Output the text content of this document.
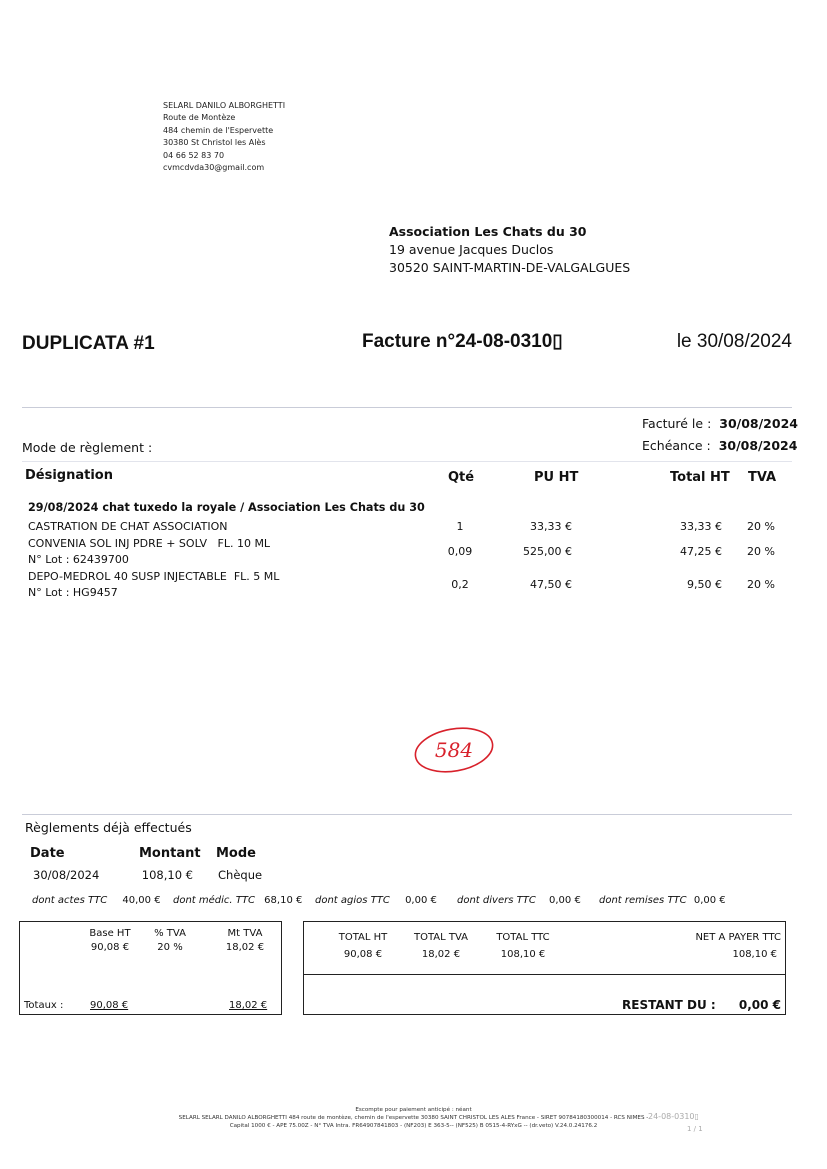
SELARL DANILO ALBORGHETTI
Route de Montèze
484 chemin de l'Espervette
30380 St Christol les Alès
04 66 52 83 70
cvmcdvda30@gmail.com
Association Les Chats du 30
19 avenue Jacques Duclos
30520 SAINT-MARTIN-DE-VALGALGUES
DUPLICATA #1	Facture n°24-08-0310▯	le 30/08/2024
Facturé le : 30/08/2024
Echéance : 30/08/2024
Mode de règlement :
Désignation	Qté	PU HT	Total HT TVA
29/08/2024 chat tuxedo la royale / Association Les Chats du 30
CASTRATION DE CHAT ASSOCIATION	1	33,33 €	33,33 € 20 %
CONVENIA SOL INJ PDRE + SOLV   FL. 10 ML
N° Lot : 62439700
0,09	525,00 €	47,25 € 20 %
DEPO-MEDROL 40 SUSP INJECTABLE  FL. 5 ML
N° Lot : HG9457
0,2	47,50 €	9,50 € 20 %
584
Règlements déjà effectués
Date	Montant Mode
30/08/2024	108,10 € Chèque
dont actes TTC 40,00 € dont médic. TTC 68,10 € dont agios TTC 0,00 € dont divers TTC 0,00 € dont remises TTC 0,00 €
Base HT	% TVA	Mt TVA
90,08 €	20 %	18,02 €
Totaux :	90,08 €	18,02 €
TOTAL HT	TOTAL TVA	TOTAL TTC	NET A PAYER TTC
90,08 €	18,02 €	108,10 €	108,10 €
RESTANT DU : 0,00 €
Escompte pour paiement anticipé : néant
SELARL SELARL DANILO ALBORGHETTI 484 route de montèze, chemin de l'espervette 30380 SAINT CHRISTOL LES ALES France - SIRET 90784180300014 - RCS NIMES -
Capital 1000 € - APE 75.00Z - N° TVA Intra. FR64907841803 - (NF203) E 363-5-- (NF525) B 0515-4-RYxG -- (dr.veto) V.24.0.24176.2
24-08-0310▯
1 / 1
